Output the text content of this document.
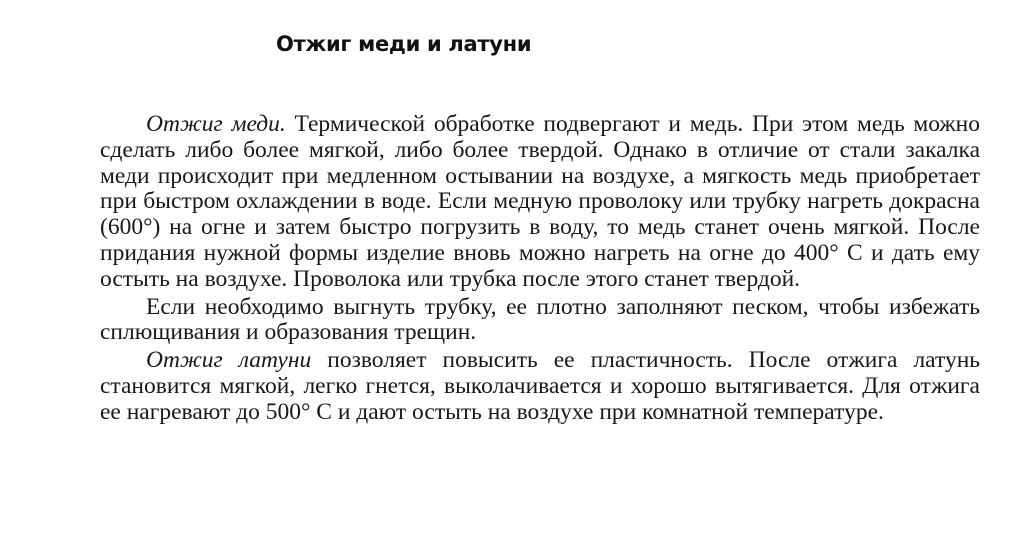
Отжиг меди и латуни

Отжиг меди. Термической обработке подвергают и медь. При этом медь можно сделать либо более мягкой, либо более твердой. Однако в отличие от стали закалка меди происходит при медленном остывании на воздухе, а мягкость медь приобретает при быстром охлаждении в воде. Если медную проволоку или трубку нагреть докрасна (600°) на огне и затем быстро погрузить в воду, то медь станет очень мягкой. После придания нужной формы изделие вновь можно нагреть на огне до 400° С и дать ему остыть на воздухе. Проволока или трубка после этого станет твердой.

Если необходимо выгнуть трубку, ее плотно заполняют песком, чтобы избежать сплющивания и образования трещин.

Отжиг латуни позволяет повысить ее пластичность. После отжига латунь становится мягкой, легко гнется, выколачивается и хорошо вытягивается. Для отжига ее нагревают до 500° С и дают остыть на воздухе при комнатной температуре.
